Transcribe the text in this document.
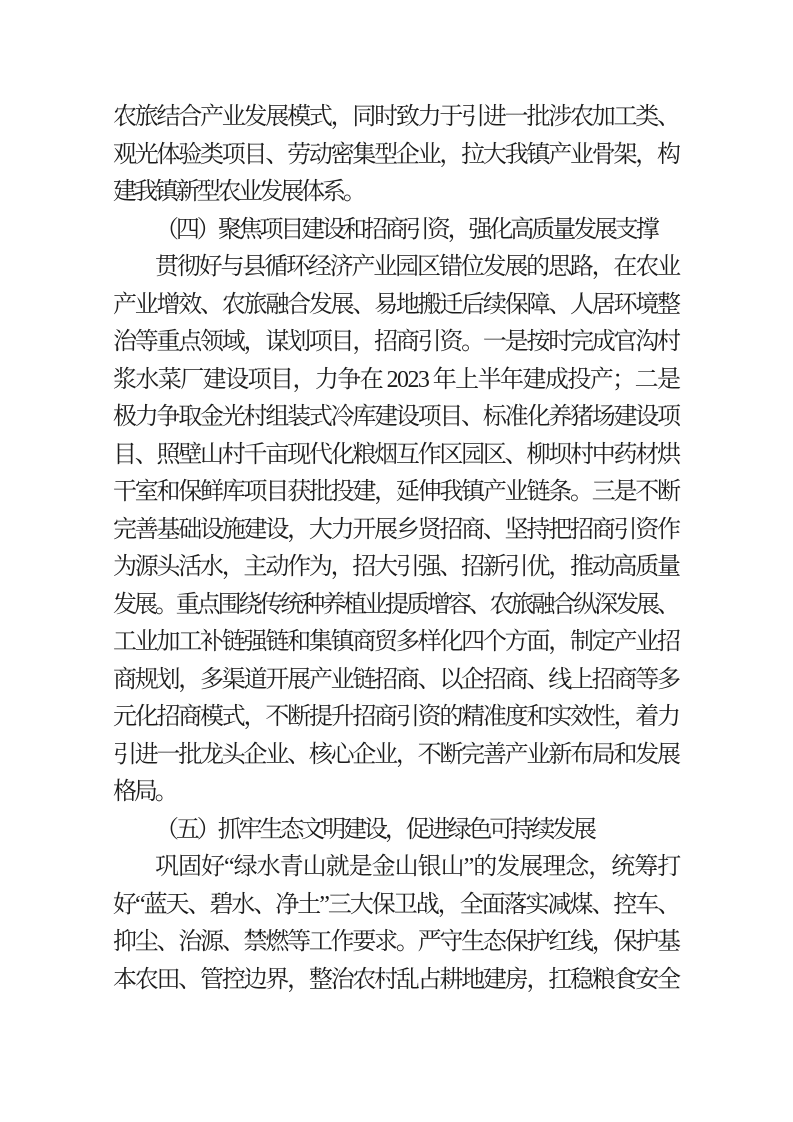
农旅结合产业发展模式，同时致力于引进一批涉农加工类、
观光体验类项目、劳动密集型企业，拉大我镇产业骨架，构
建我镇新型农业发展体系。
（四）聚焦项目建设和招商引资，强化高质量发展支撑
贯彻好与县循环经济产业园区错位发展的思路，在农业
产业增效、农旅融合发展、易地搬迁后续保障、人居环境整
治等重点领域，谋划项目，招商引资。一是按时完成官沟村
浆水菜厂建设项目，力争在 2023 年上半年建成投产；二是
极力争取金光村组装式冷库建设项目、标准化养猪场建设项
目、照壁山村千亩现代化粮烟互作区园区、柳坝村中药材烘
干室和保鲜库项目获批投建，延伸我镇产业链条。三是不断
完善基础设施建设，大力开展乡贤招商、坚持把招商引资作
为源头活水，主动作为，招大引强、招新引优，推动高质量
发展。重点围绕传统种养植业提质增容、农旅融合纵深发展、
工业加工补链强链和集镇商贸多样化四个方面，制定产业招
商规划，多渠道开展产业链招商、以企招商、线上招商等多
元化招商模式，不断提升招商引资的精准度和实效性，着力
引进一批龙头企业、核心企业，不断完善产业新布局和发展
格局。
（五）抓牢生态文明建设，促进绿色可持续发展
巩固好“绿水青山就是金山银山”的发展理念，统筹打
好“蓝天、碧水、净土”三大保卫战，全面落实减煤、控车、
抑尘、治源、禁燃等工作要求。严守生态保护红线，保护基
本农田、管控边界，整治农村乱占耕地建房，扛稳粮食安全
